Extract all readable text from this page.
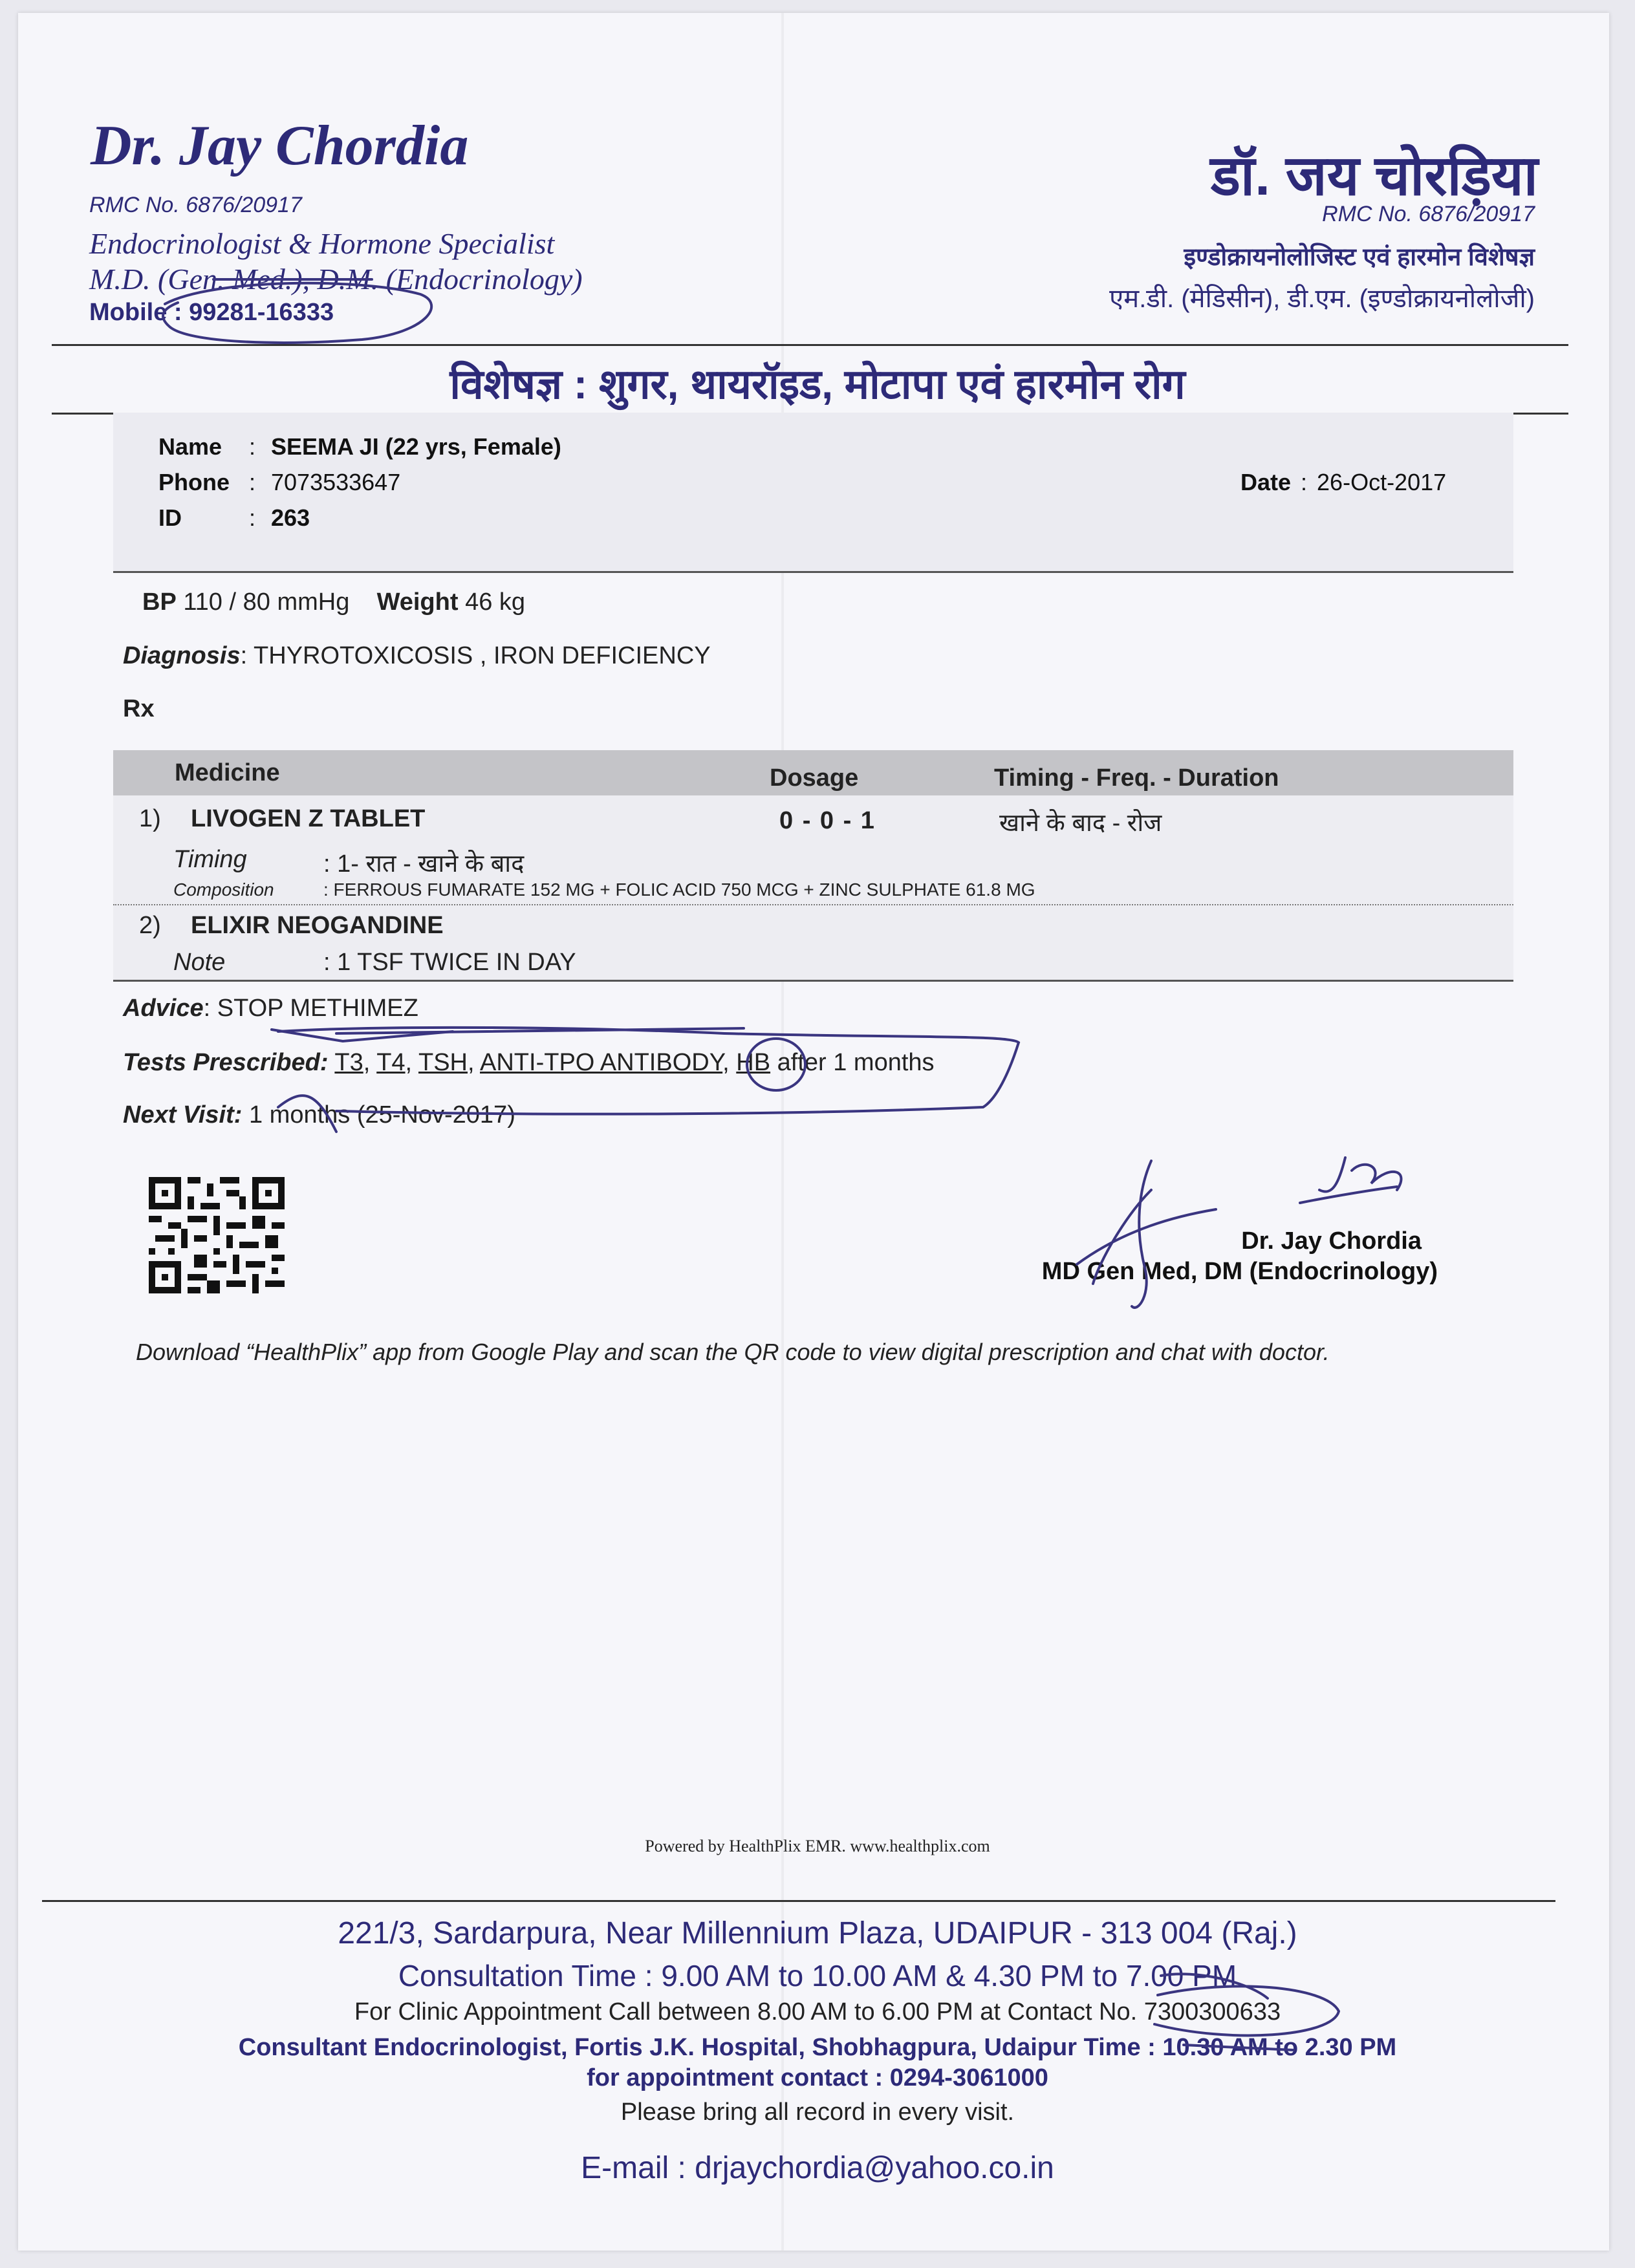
Dr. Jay Chordia
RMC No. 6876/20917
Endocrinologist & Hormone Specialist
M.D. (Gen. Med.), D.M. (Endocrinology)
Mobile : 99281-16333
डॉ. जय चोरड़िया
RMC No. 6876/20917
इण्डोक्रायनोलोजिस्ट एवं हारमोन विशेषज्ञ
एम.डी. (मेडिसीन), डी.एम. (इण्डोक्रायनोलोजी)
विशेषज्ञ : शुगर, थायरॉइड, मोटापा एवं हारमोन रोग
Name : SEEMA JI (22 yrs, Female)
Phone : 7073533647
ID	: 263
Date : 26-Oct-2017
BP 110 / 80 mmHg Weight 46 kg
Diagnosis: THYROTOXICOSIS , IRON DEFICIENCY
Rx
Medicine	Dosage	Timing - Freq. - Duration
1) LIVOGEN Z TABLET	0 - 0 - 1	खाने के बाद - रोज
Timing	: 1- रात - खाने के बाद
Composition	: FERROUS FUMARATE 152 MG + FOLIC ACID 750 MCG + ZINC SULPHATE 61.8 MG
2) ELIXIR NEOGANDINE
Note	: 1 TSF TWICE IN DAY
Advice: STOP METHIMEZ
Tests Prescribed: T3, T4, TSH, ANTI-TPO ANTIBODY, HB after 1 months
Next Visit: 1 months (25-Nov-2017)
Dr. Jay Chordia
MD Gen Med, DM (Endocrinology)
Download “HealthPlix” app from Google Play and scan the QR code to view digital prescription and chat with doctor.
Powered by HealthPlix EMR. www.healthplix.com
221/3, Sardarpura, Near Millennium Plaza, UDAIPUR - 313 004 (Raj.)
Consultation Time : 9.00 AM to 10.00 AM & 4.30 PM to 7.00 PM
For Clinic Appointment Call between 8.00 AM to 6.00 PM at Contact No. 7300300633
Consultant Endocrinologist, Fortis J.K. Hospital, Shobhagpura, Udaipur Time : 10.30 AM to 2.30 PM
for appointment contact : 0294-3061000
Please bring all record in every visit.
E-mail : drjaychordia@yahoo.co.in
